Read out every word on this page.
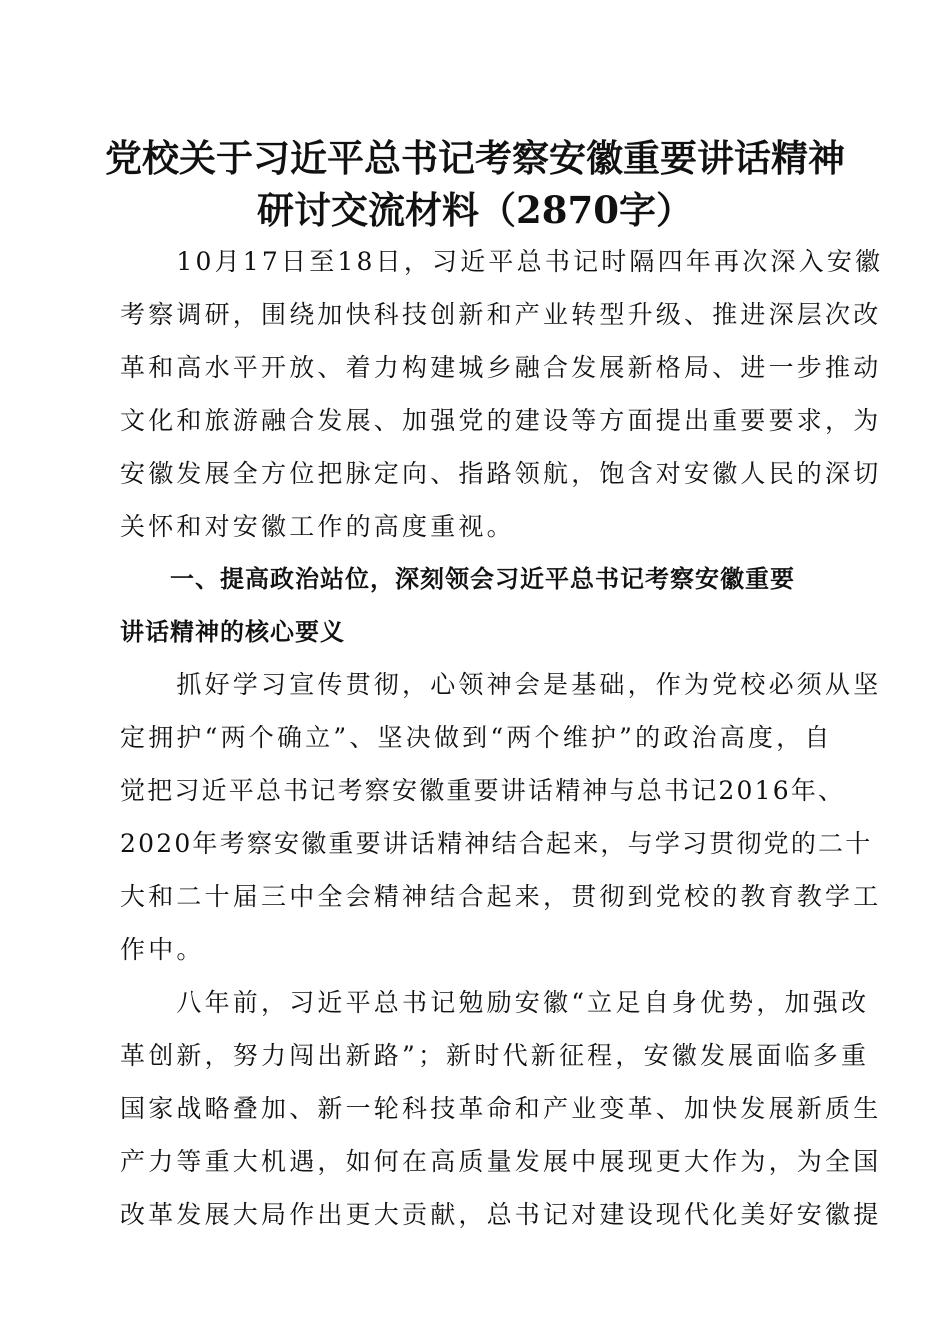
党校关于习近平总书记考察安徽重要讲话精神
研讨交流材料（2870字）
　　10月17日至18日，习近平总书记时隔四年再次深入安徽
考察调研，围绕加快科技创新和产业转型升级、推进深层次改
革和高水平开放、着力构建城乡融合发展新格局、进一步推动
文化和旅游融合发展、加强党的建设等方面提出重要要求，为
安徽发展全方位把脉定向、指路领航，饱含对安徽人民的深切
关怀和对安徽工作的高度重视。
　　一、提高政治站位，深刻领会习近平总书记考察安徽重要
讲话精神的核心要义
　　抓好学习宣传贯彻，心领神会是基础，作为党校必须从坚
定拥护“两个确立”、坚决做到“两个维护”的政治高度，自
觉把习近平总书记考察安徽重要讲话精神与总书记2016年、
2020年考察安徽重要讲话精神结合起来，与学习贯彻党的二十
大和二十届三中全会精神结合起来，贯彻到党校的教育教学工
作中。
　　八年前，习近平总书记勉励安徽“立足自身优势，加强改
革创新，努力闯出新路”；新时代新征程，安徽发展面临多重
国家战略叠加、新一轮科技革命和产业变革、加快发展新质生
产力等重大机遇，如何在高质量发展中展现更大作为，为全国
改革发展大局作出更大贡献，总书记对建设现代化美好安徽提
